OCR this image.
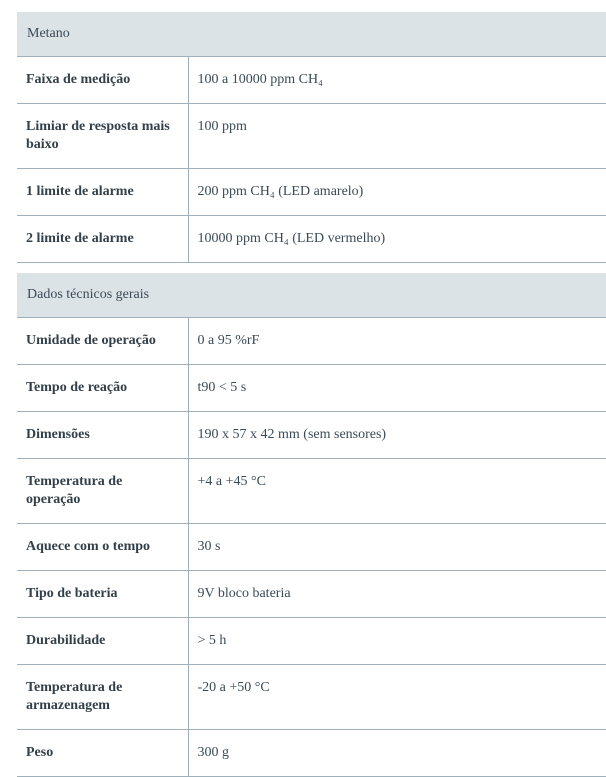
Metano	
Faixa de medição	100 a 10000 ppm CH₄
Limiar de resposta mais baixo	100 ppm
1 limite de alarme	200 ppm CH₄ (LED amarelo)
2 limite de alarme	10000 ppm CH₄ (LED vermelho)
Dados técnicos gerais	
Umidade de operação	0 a 95 %rF
Tempo de reação	t90 < 5 s
Dimensões	190 x 57 x 42 mm (sem sensores)
Temperatura de operação	+4 a +45 °C
Aquece com o tempo	30 s
Tipo de bateria	9V bloco bateria
Durabilidade	> 5 h
Temperatura de armazenagem	-20 a +50 °C
Peso	300 g
